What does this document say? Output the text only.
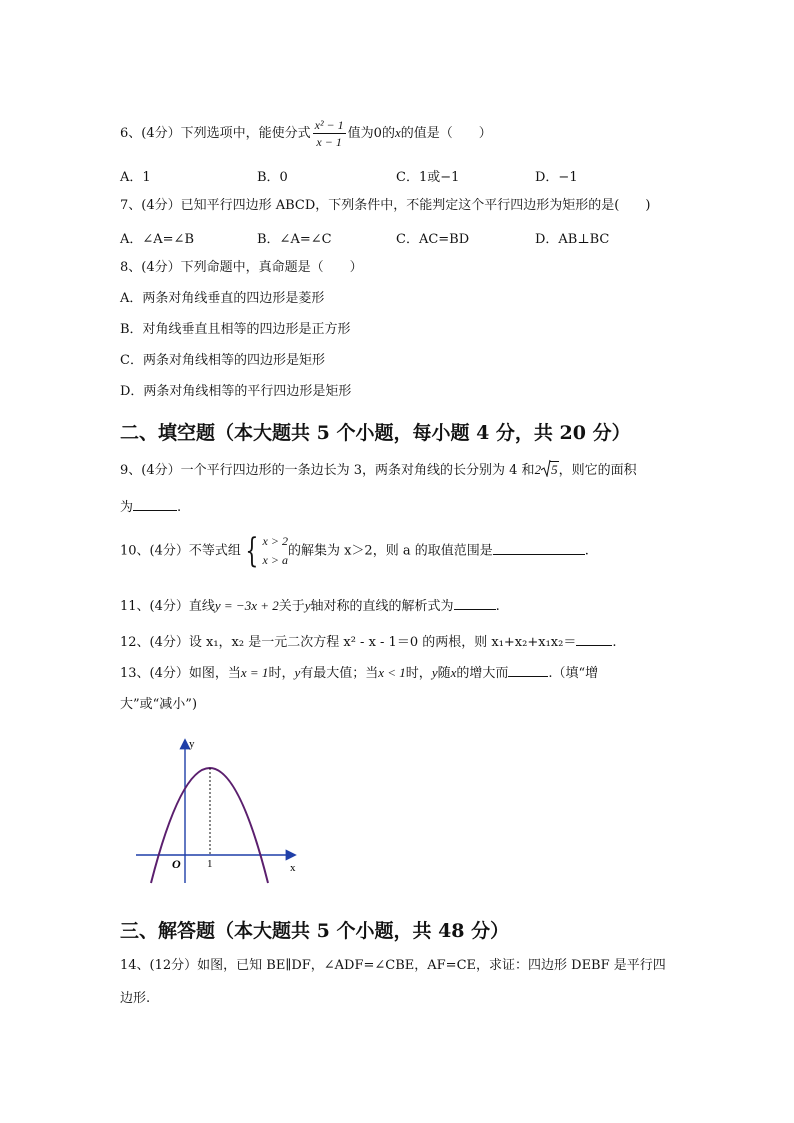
6、(4分）下列选项中，能使分式 $\frac{\text{x² − 1}}{x - 1}$ 值为0的x的值是（　　）
A．1	B．0	C．1或−1	D．−1
7、(4分）已知平行四边形 ABCD，下列条件中，不能判定这个平行四边形为矩形的是(　　)
A．∠A=∠B	B．∠A=∠C	C．AC=BD	D．AB⊥BC
8、(4分）下列命题中，真命题是（　　）
A．两条对角线垂直的四边形是菱形
B．对角线垂直且相等的四边形是正方形
C．两条对角线相等的四边形是矩形
D．两条对角线相等的平行四边形是矩形
二、填空题（本大题共 5 个小题，每小题 4 分，共 20 分）
9、(4分）一个平行四边形的一条边长为 3，两条对角线的长分别为 4 和2 5，则它的面积
为	.
10、(4分）不等式组 { x > 2
x > a
的解集为 x＞2，则 a 的取值范围是	.
11、(4分）直线y = −3x + 2关于y轴对称的直线的解析式为	.
12、(4分）设 x₁，x₂ 是一元二次方程 x² - x - 1＝0 的两根，则 x₁+x₂+x₁x₂＝	.
13、(4分）如图，当x = 1时，y有最大值；当x < 1时，y随x的增大而	.（填“增
大”或“减小”)
y
x
O 1
三、解答题（本大题共 5 个小题，共 48 分）
14、(12分）如图，已知 BE∥DF，∠ADF=∠CBE，AF=CE，求证：四边形 DEBF 是平行四
边形.
